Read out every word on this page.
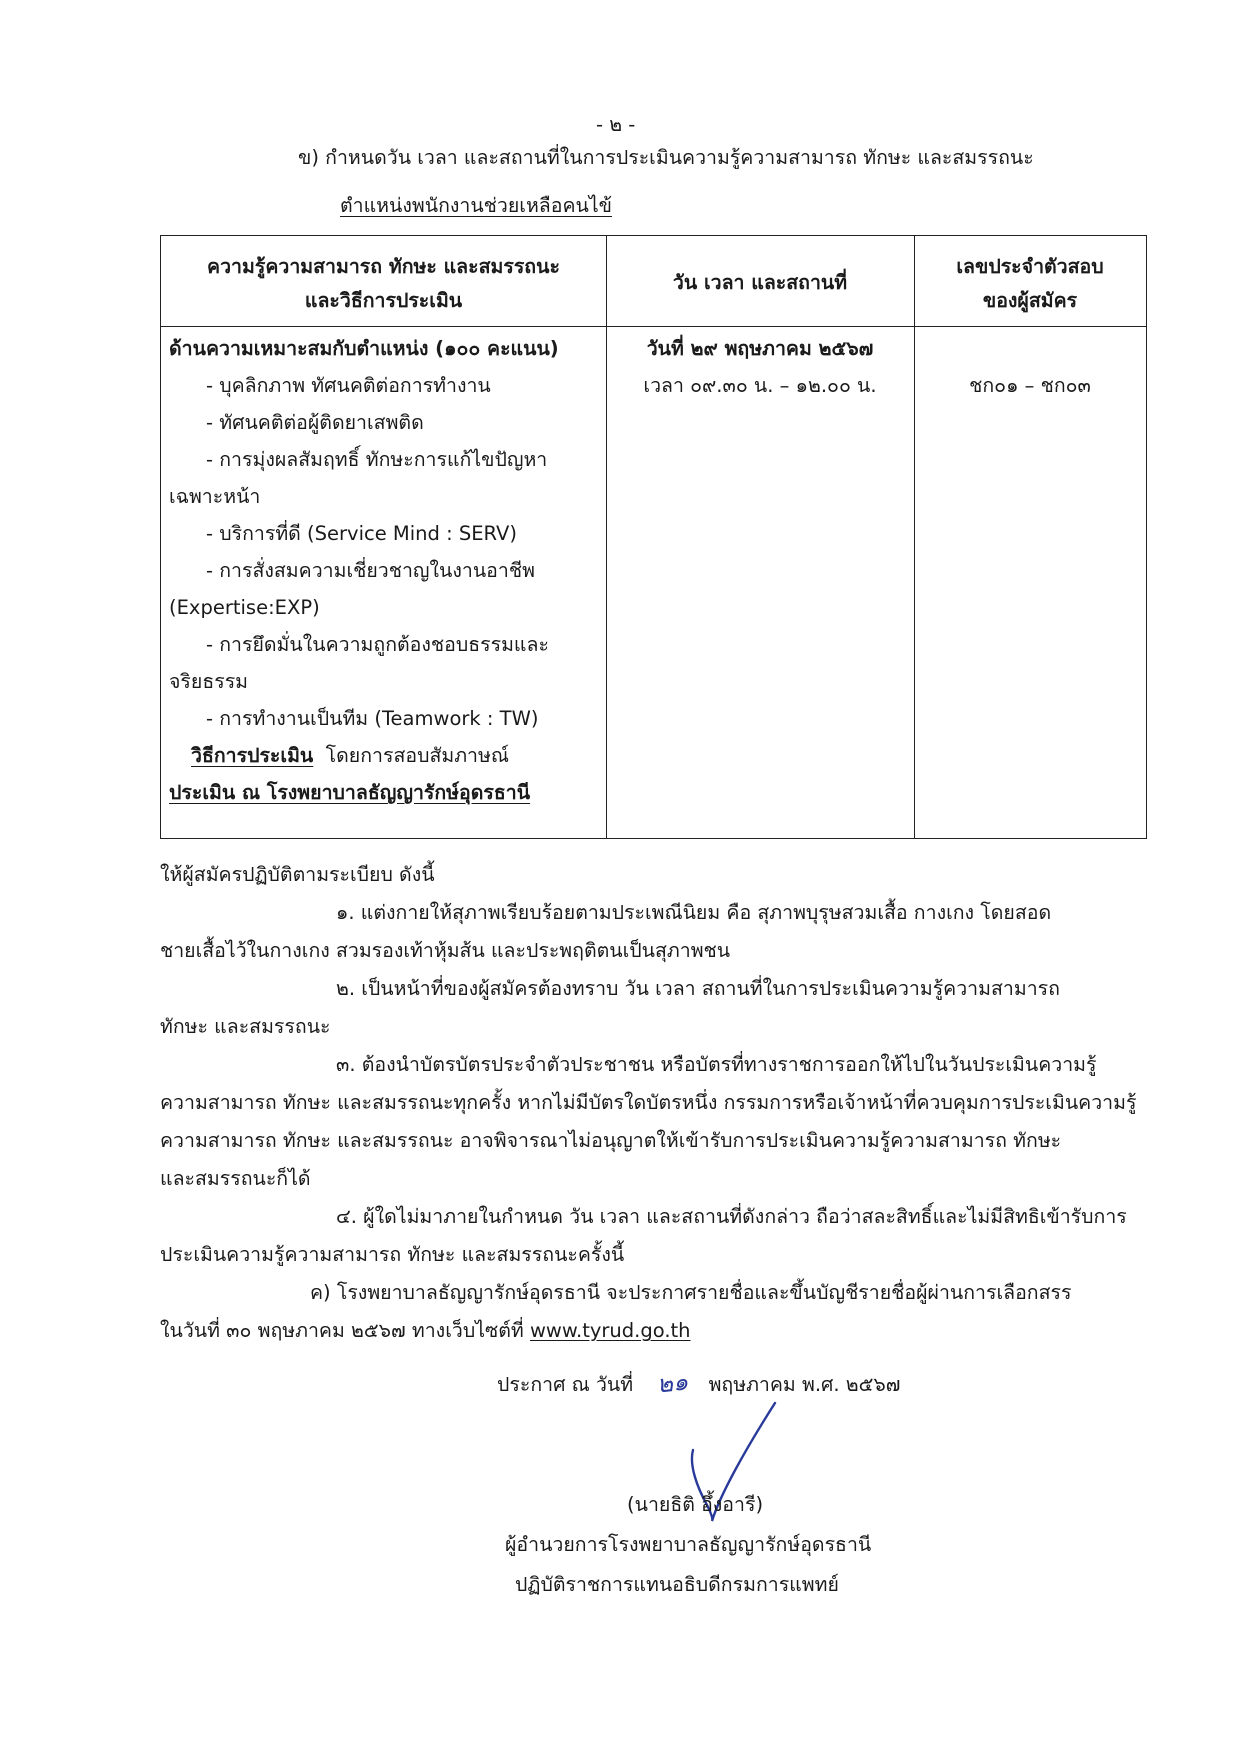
- ๒ -
ข) กำหนดวัน เวลา และสถานที่ในการประเมินความรู้ความสามารถ ทักษะ และสมรรถนะ
ตำแหน่งพนักงานช่วยเหลือคนไข้
ความรู้ความสามารถ ทักษะ และสมรรถนะ
และวิธีการประเมิน
วัน เวลา และสถานที่
เลขประจำตัวสอบ
ของผู้สมัคร
ด้านความเหมาะสมกับตำแหน่ง (๑๐๐ คะแนน)
- บุคลิกภาพ ทัศนคติต่อการทำงาน
- ทัศนคติต่อผู้ติดยาเสพติด
- การมุ่งผลสัมฤทธิ์ ทักษะการแก้ไขปัญหา
เฉพาะหน้า
- บริการที่ดี (Service Mind : SERV)
- การสั่งสมความเชี่ยวชาญในงานอาชีพ
(Expertise:EXP)
- การยึดมั่นในความถูกต้องชอบธรรมและ
จริยธรรม
- การทำงานเป็นทีม (Teamwork : TW)
วิธีการประเมิน  โดยการสอบสัมภาษณ์
ประเมิน ณ โรงพยาบาลธัญญารักษ์อุดรธานี
วันที่ ๒๙ พฤษภาคม ๒๕๖๗
เวลา ๐๙.๓๐ น. – ๑๒.๐๐ น.	ชก๐๑ – ชก๐๓
ให้ผู้สมัครปฏิบัติตามระเบียบ ดังนี้
๑. แต่งกายให้สุภาพเรียบร้อยตามประเพณีนิยม คือ สุภาพบุรุษสวมเสื้อ กางเกง โดยสอด
ชายเสื้อไว้ในกางเกง สวมรองเท้าหุ้มส้น และประพฤติตนเป็นสุภาพชน
๒. เป็นหน้าที่ของผู้สมัครต้องทราบ วัน เวลา สถานที่ในการประเมินความรู้ความสามารถ
ทักษะ และสมรรถนะ
๓. ต้องนำบัตรบัตรประจำตัวประชาชน หรือบัตรที่ทางราชการออกให้ไปในวันประเมินความรู้
ความสามารถ ทักษะ และสมรรถนะทุกครั้ง หากไม่มีบัตรใดบัตรหนึ่ง กรรมการหรือเจ้าหน้าที่ควบคุมการประเมินความรู้
ความสามารถ ทักษะ และสมรรถนะ อาจพิจารณาไม่อนุญาตให้เข้ารับการประเมินความรู้ความสามารถ ทักษะ
และสมรรถนะก็ได้
๔. ผู้ใดไม่มาภายในกำหนด วัน เวลา และสถานที่ดังกล่าว ถือว่าสละสิทธิ์และไม่มีสิทธิเข้ารับการ
ประเมินความรู้ความสามารถ ทักษะ และสมรรถนะครั้งนี้
ค) โรงพยาบาลธัญญารักษ์อุดรธานี จะประกาศรายชื่อและขึ้นบัญชีรายชื่อผู้ผ่านการเลือกสรร
ในวันที่ ๓๐ พฤษภาคม ๒๕๖๗ ทางเว็บไซต์ที่ www.tyrud.go.th
ประกาศ ณ วันที่ ๒๑ พฤษภาคม พ.ศ. ๒๕๖๗
(นายธิติ อึ้งอารี)
ผู้อำนวยการโรงพยาบาลธัญญารักษ์อุดรธานี
ปฏิบัติราชการแทนอธิบดีกรมการแพทย์
